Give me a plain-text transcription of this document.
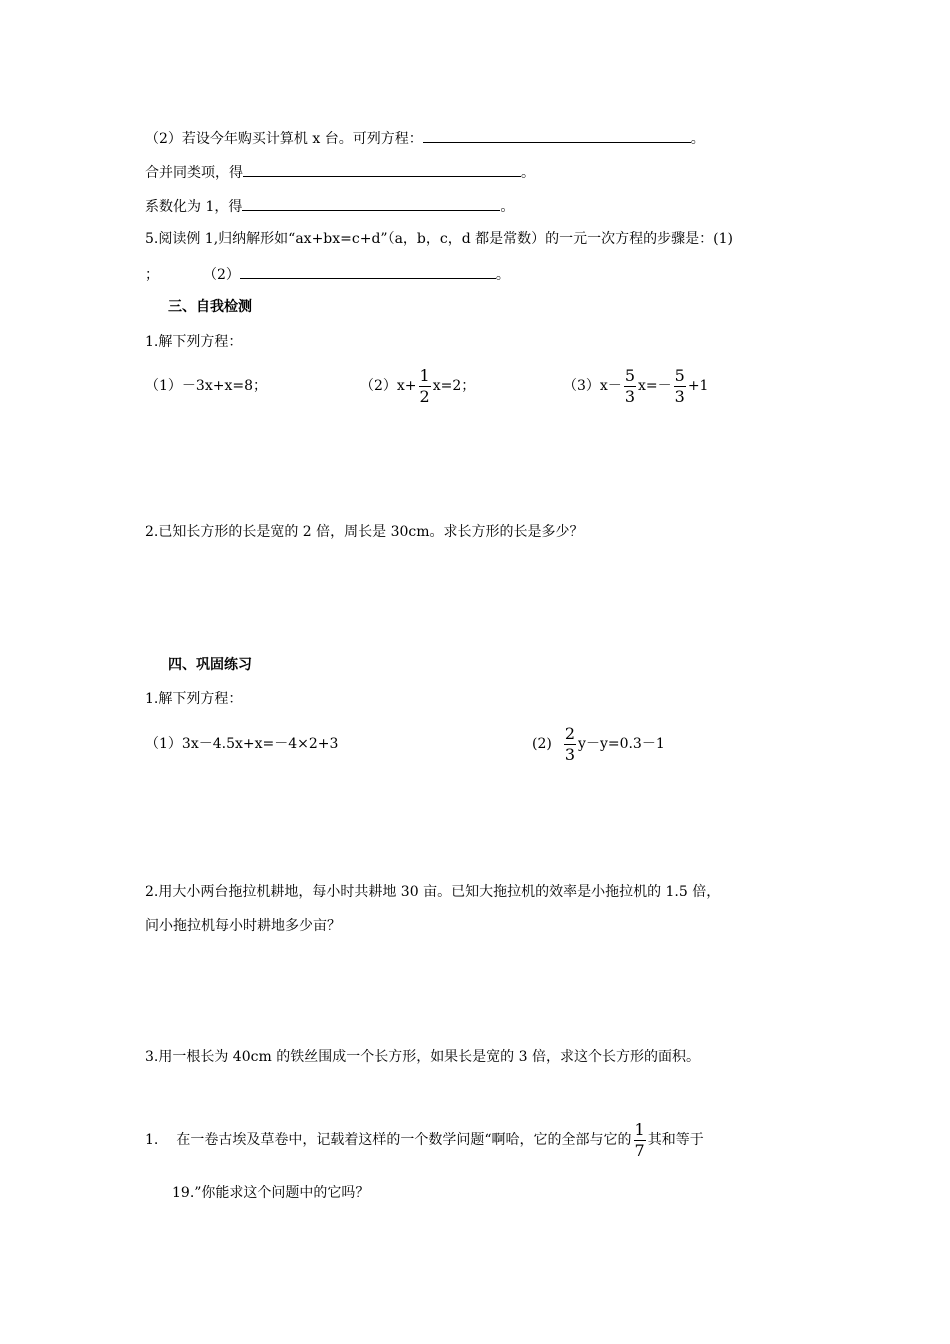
（2）若设今年购买计算机 x 台。可列方程：	。
合并同类项，得	。
系数化为 1，得	。
5.阅读例 1,归纳解形如“ax+bx=c+d”（a，b，c，d 都是常数）的一元一次方程的步骤是：(1)
；	（2）	。
三、自我检测
1.解下列方程：
（1）－3x+x=8；	$(2)x+ \frac{1}{2} x=2$；	$(3)x- \frac{5}{3} x=- \frac{5}{3} +1$
2.已知长方形的长是宽的 2 倍，周长是 30cm。求长方形的长是多少？
四、巩固练习
1.解下列方程：
（1）3x－4.5x+x=－4×2+3	$(2) \frac{2}{3} y-y=0.3-1$
2.用大小两台拖拉机耕地，每小时共耕地 30 亩。已知大拖拉机的效率是小拖拉机的 1.5 倍，
问小拖拉机每小时耕地多少亩？
3.用一根长为 40cm 的铁丝围成一个长方形，如果长是宽的 3 倍，求这个长方形的面积。
1. 在一卷古埃及草卷中，记载着这样的一个数学问题“啊哈，它的全部与它的 $\frac{1}{7}$ 其和等于
19.”你能求这个问题中的它吗？
